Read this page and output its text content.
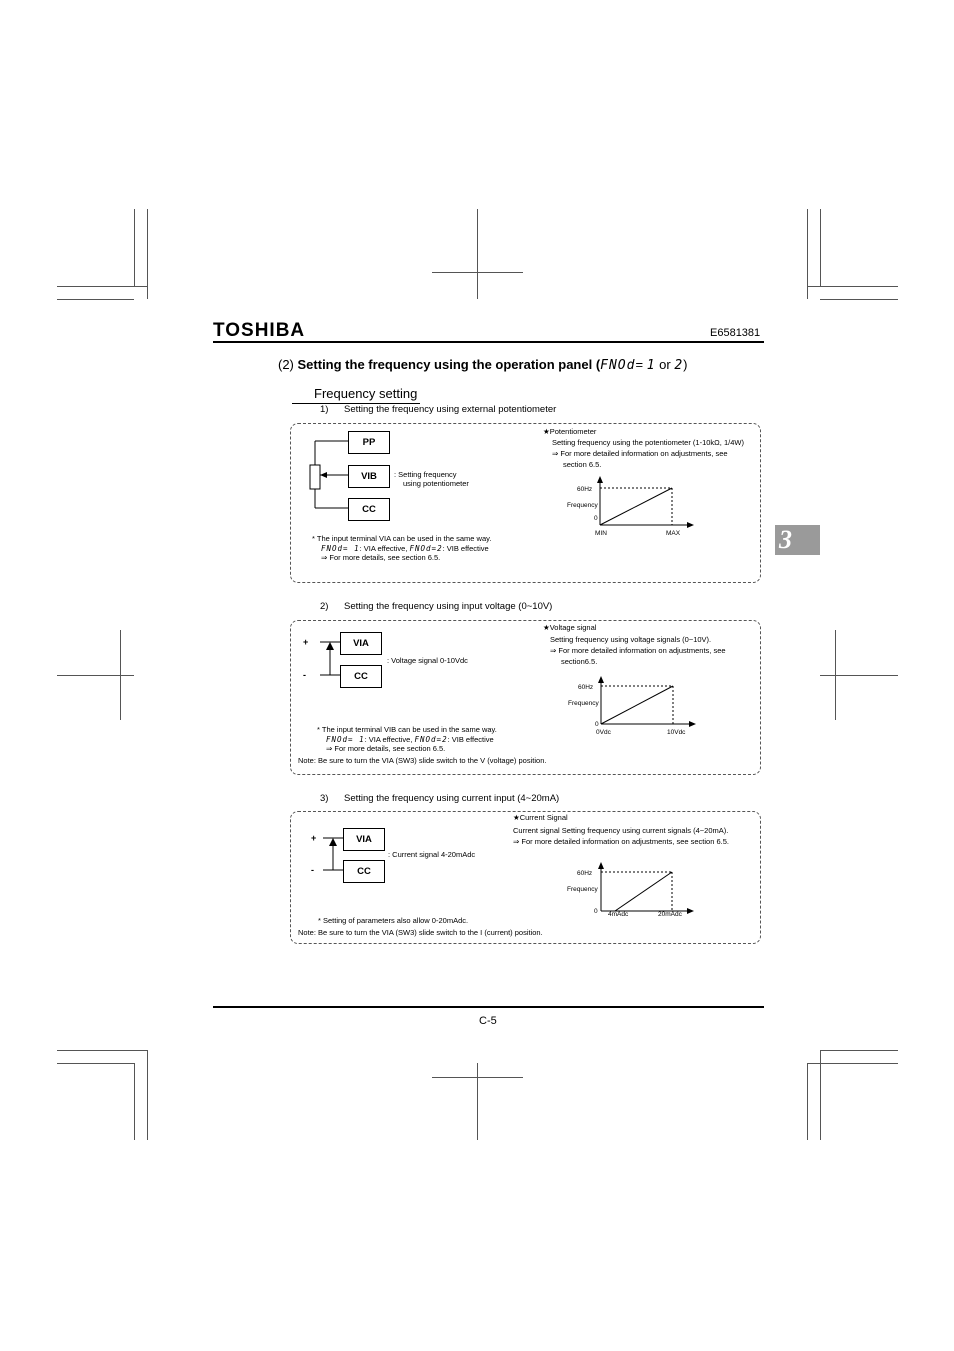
TOSHIBA	E6581381
(2) Setting the frequency using the operation panel (FNOd= 1 or 2)
Frequency setting
3
1) Setting the frequency using external potentiometer
PP
VIB
CC
: Setting frequency
using potentiometer
★Potentiometer
Setting frequency using the potentiometer (1-10kΩ, 1/4W)
⇒ For more detailed information on adjustments, see
section 6.5.
60Hz
Frequency
0
MIN	MAX
* The input terminal VIA can be used in the same way.
FNOd= 1: VIA effective, FNOd=2: VIB effective
⇒ For more details, see section 6.5.
2) Setting the frequency using input voltage (0~10V)
+
-
VIA
CC
: Voltage signal 0-10Vdc
★Voltage signal
Setting frequency using voltage signals (0~10V).
⇒ For more detailed information on adjustments, see
section6.5.
60Hz
Frequency
0
0Vdc	10Vdc
* The input terminal VIB can be used in the same way.
FNOd= 1: VIA effective, FNOd=2: VIB effective
⇒ For more details, see section 6.5.
Note: Be sure to turn the VIA (SW3) slide switch to the V (voltage) position.
3) Setting the frequency using current input (4~20mA)
+
-
VIA
CC
: Current signal 4-20mAdc
★Current Signal
Current signal Setting frequency using current signals (4~20mA).
⇒ For more detailed information on adjustments, see section 6.5.
60Hz
Frequency
0 4mAdc	20mAdc
* Setting of parameters also allow 0-20mAdc.
Note: Be sure to turn the VIA (SW3) slide switch to the I (current) position.
C-5
